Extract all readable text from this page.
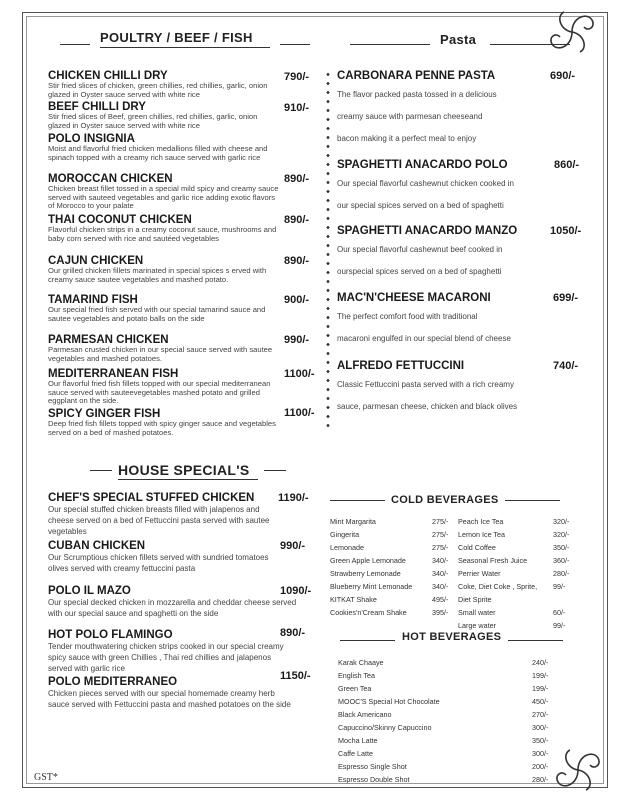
POULTRY / BEEF / FISH	Pasta
CHICKEN CHILLI DRY	790/-
Stir fried slices of chicken, green chillies, red chillies, garlic, onion glazed in Oyster sauce served with white rice
BEEF CHILLI DRY	910/-
Stir fried slices of Beef, green chillies, red chillies, garlic, onion glazed in Oyster sauce served with white rice
POLO INSIGNIA
Moist and flavorful fried chicken medallions filled with cheese and spinach topped with a creamy rich sauce served with garlic rice
MOROCCAN CHICKEN	890/-
Chicken breast fillet tossed in a special mild spicy and creamy sauce served with sauteed vegetables and garlic rice adding exotic flavors of Morocco to your palate
THAI COCONUT CHICKEN	890/-
Flavorful chicken strips in a creamy coconut sauce, mushrooms and baby corn served with rice and sautéed vegetables
CAJUN CHICKEN	890/-
Our grilled chicken fillets marinated in special spices s erved with creamy sauce sautee vegetables and mashed potato.
TAMARIND FISH	900/-
Our special fried fish served with our special tamarind sauce and sautee vegetables and potato balls on the side
PARMESAN CHICKEN	990/-
Parmesan crusted chicken in our special sauce served with sautee vegetables and mashed potatoes.
MEDITERRANEAN FISH	1100/-
Our flavorful fried fish fillets topped with our special mediterranean sauce served with sauteevegetables mashed potato and grilled eggplant on the side.
SPICY GINGER FISH	1100/-
Deep fried fish fillets topped with spicy ginger sauce and vegetables served on a bed of mashed potatoes.
CARBONARA PENNE PASTA	690/-
The flavor packed pasta tossed in a delicious
creamy sauce with parmesan cheeseand
bacon making it a perfect meal to enjoy
SPAGHETTI ANACARDO POLO	860/-
Our special flavorful cashewnut chicken cooked in
our special spices served on a bed of spaghetti
SPAGHETTI ANACARDO MANZO	1050/-
Our special flavorful cashewnut beef cooked in
ourspecial spices served on a bed of spaghetti
MAC'N'CHEESE MACARONI	699/-
The perfect comfort food with traditional
macaroni engulfed in our special blend of cheese
ALFREDO FETTUCCINI	740/-
Classic Fettuccini pasta served with a rich creamy
sauce, parmesan cheese, chicken and black olives
HOUSE SPECIAL'S
CHEF'S SPECIAL STUFFED CHICKEN 1190/-
Our special stuffed chicken breasts filled with jalapenos and cheese served on a bed of Fettuccini pasta served with sautee vegetables
CUBAN CHICKEN	990/-
Our Scrumptious chicken fillets served with sundried tomatoes olives served with creamy fettuccini pasta
POLO IL MAZO	1090/-
Our special decked chicken in mozzarella and cheddar cheese served with our special sauce and spaghetti on the side
HOT POLO FLAMINGO	890/-
Tender mouthwatering chicken strips cooked in our special creamy spicy sauce with green Chillies , Thai red chillies and jalapenos served with garlic rice
POLO MEDITERRANEO	1150/-
Chicken pieces served with our special homemade creamy herb sauce served with Fettuccini pasta and mashed potatoes on the side
COLD BEVERAGES
Mint Margarita	275/-
Gingerita	275/-
Lemonade	275/-
Green Apple Lemonade	340/-
Strawberry Lemonade	340/-
Blueberry Mint Lemonade	340/-
KITKAT Shake	495/-
Cookies'n'Cream Shake	395/-
Peach Ice Tea	320/-
Lemon Ice Tea	320/-
Cold Coffee	350/-
Seasonal Fresh Juice	360/-
Perrier Water	280/-
Coke, Diet Coke , Sprite, 99/-
Diet Sprite
Small water	60/-
Large water	99/-
HOT BEVERAGES
Karak Chaaye	240/-
English Tea	199/-
Green Tea	199/-
MOOC'S Special Hot Chocolate	450/-
Black Americano	270/-
Capuccino/Skinny Capuccino	300/-
Mocha Latte	350/-
Caffe Latte	300/-
Espresso Single Shot	200/-
Espresso Double Shot	280/-
GST*
